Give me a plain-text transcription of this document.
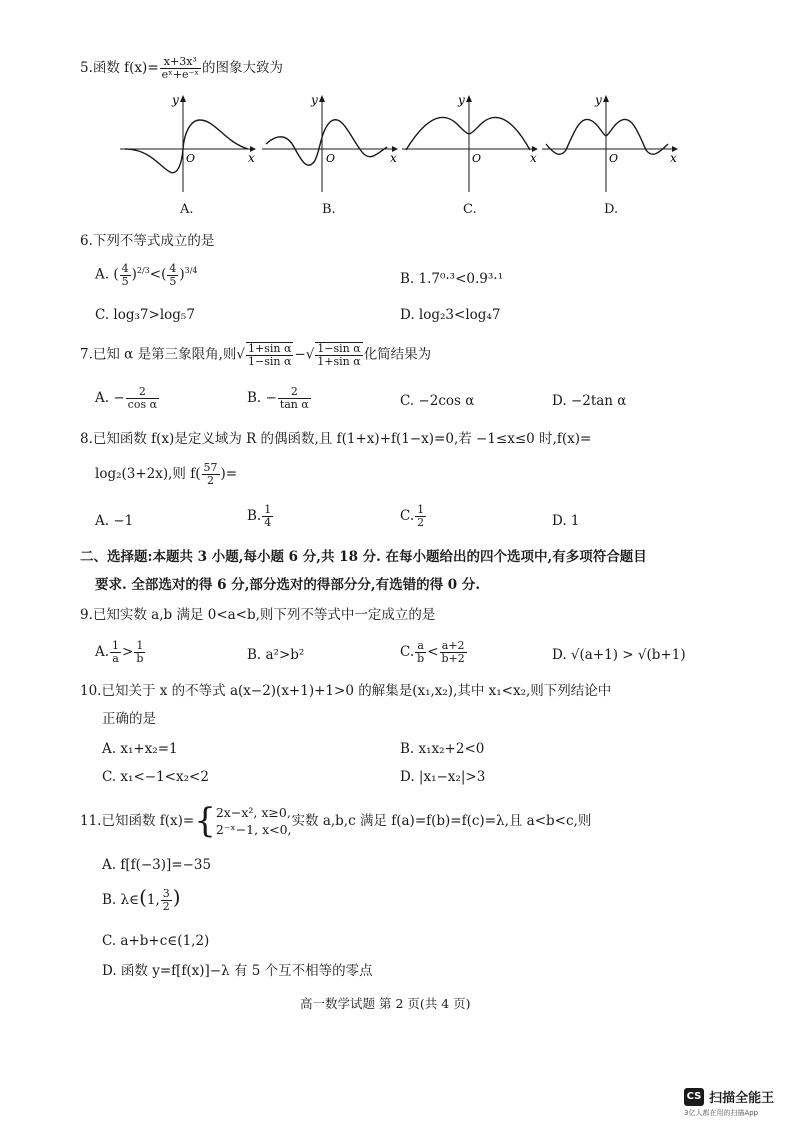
5.函数 $f(x)= \frac{\text{x+3x³}}{\text{eˣ+e⁻ˣ}}$ 的图象大致为
y
x
O
A.
y
x
O
B.
y
x
O
C.
y
x
O
D.
6.下列不等式成立的是
A. ( $\frac{4}{5} )^{2/3}<( \frac{4}{5} )^{3/4}$
B. 1.7⁰·³<0.9³·¹
C. log₃7>log₅7	D. log₂3<log₄7
7.已知 α 是第三象限角,则√ $\frac{\text{1+sin α}}{\text{1−sin α}}$ −√ $\frac{\text{1−sin α}}{\text{1+sin α}}$ 化简结果为
A. − $\frac{2}{\text{cos α}}$	B. − $\frac{2}{\text{tan α}}$	C. −2cos α	D. −2tan α
8.已知函数 f(x)是定义域为 R 的偶函数,且 f(1+x)+f(1−x)=0,若 −1≤x≤0 时,f(x)=
log₂(3+2x),则 $f( \frac{57}{2}$ )=
A. −1	B. $\frac{1}{4}$	C. $\frac{1}{2}$	D. 1
二、选择题:本题共 3 小题,每小题 6 分,共 18 分. 在每小题给出的四个选项中,有多项符合题目
要求. 全部选对的得 6 分,部分选对的得部分分,有选错的得 0 分.
9.已知实数 a,b 满足 0<a<b,则下列不等式中一定成立的是
A. $\frac{1}{a} > \frac{1}{b}$	B. a²>b²	C. $\frac{a}{b} < \frac{a+2}{b+2}$	D. √(a+1) > √(b+1)
10.已知关于 x 的不等式 a(x−2)(x+1)+1>0 的解集是(x₁,x₂),其中 x₁<x₂,则下列结论中
正确的是
A. x₁+x₂=1	B. x₁x₂+2<0
C. x₁<−1<x₂<2	D. |x₁−x₂|>3
11.已知函数 f(x)={ 2x−x², x≥0,
2⁻ˣ−1, x<0,
实数 a,b,c 满足 f(a)=f(b)=f(c)=λ,且 a<b<c,则
A. f[f(−3)]=−35
B. λ∈(1, $\frac{3}{2}$ )
C. a+b+c∈(1,2)
D. 函数 y=f[f(x)]−λ 有 5 个互不相等的零点
高一数学试题 第 2 页(共 4 页)
CS 扫描全能王
3亿人都在用的扫描App
